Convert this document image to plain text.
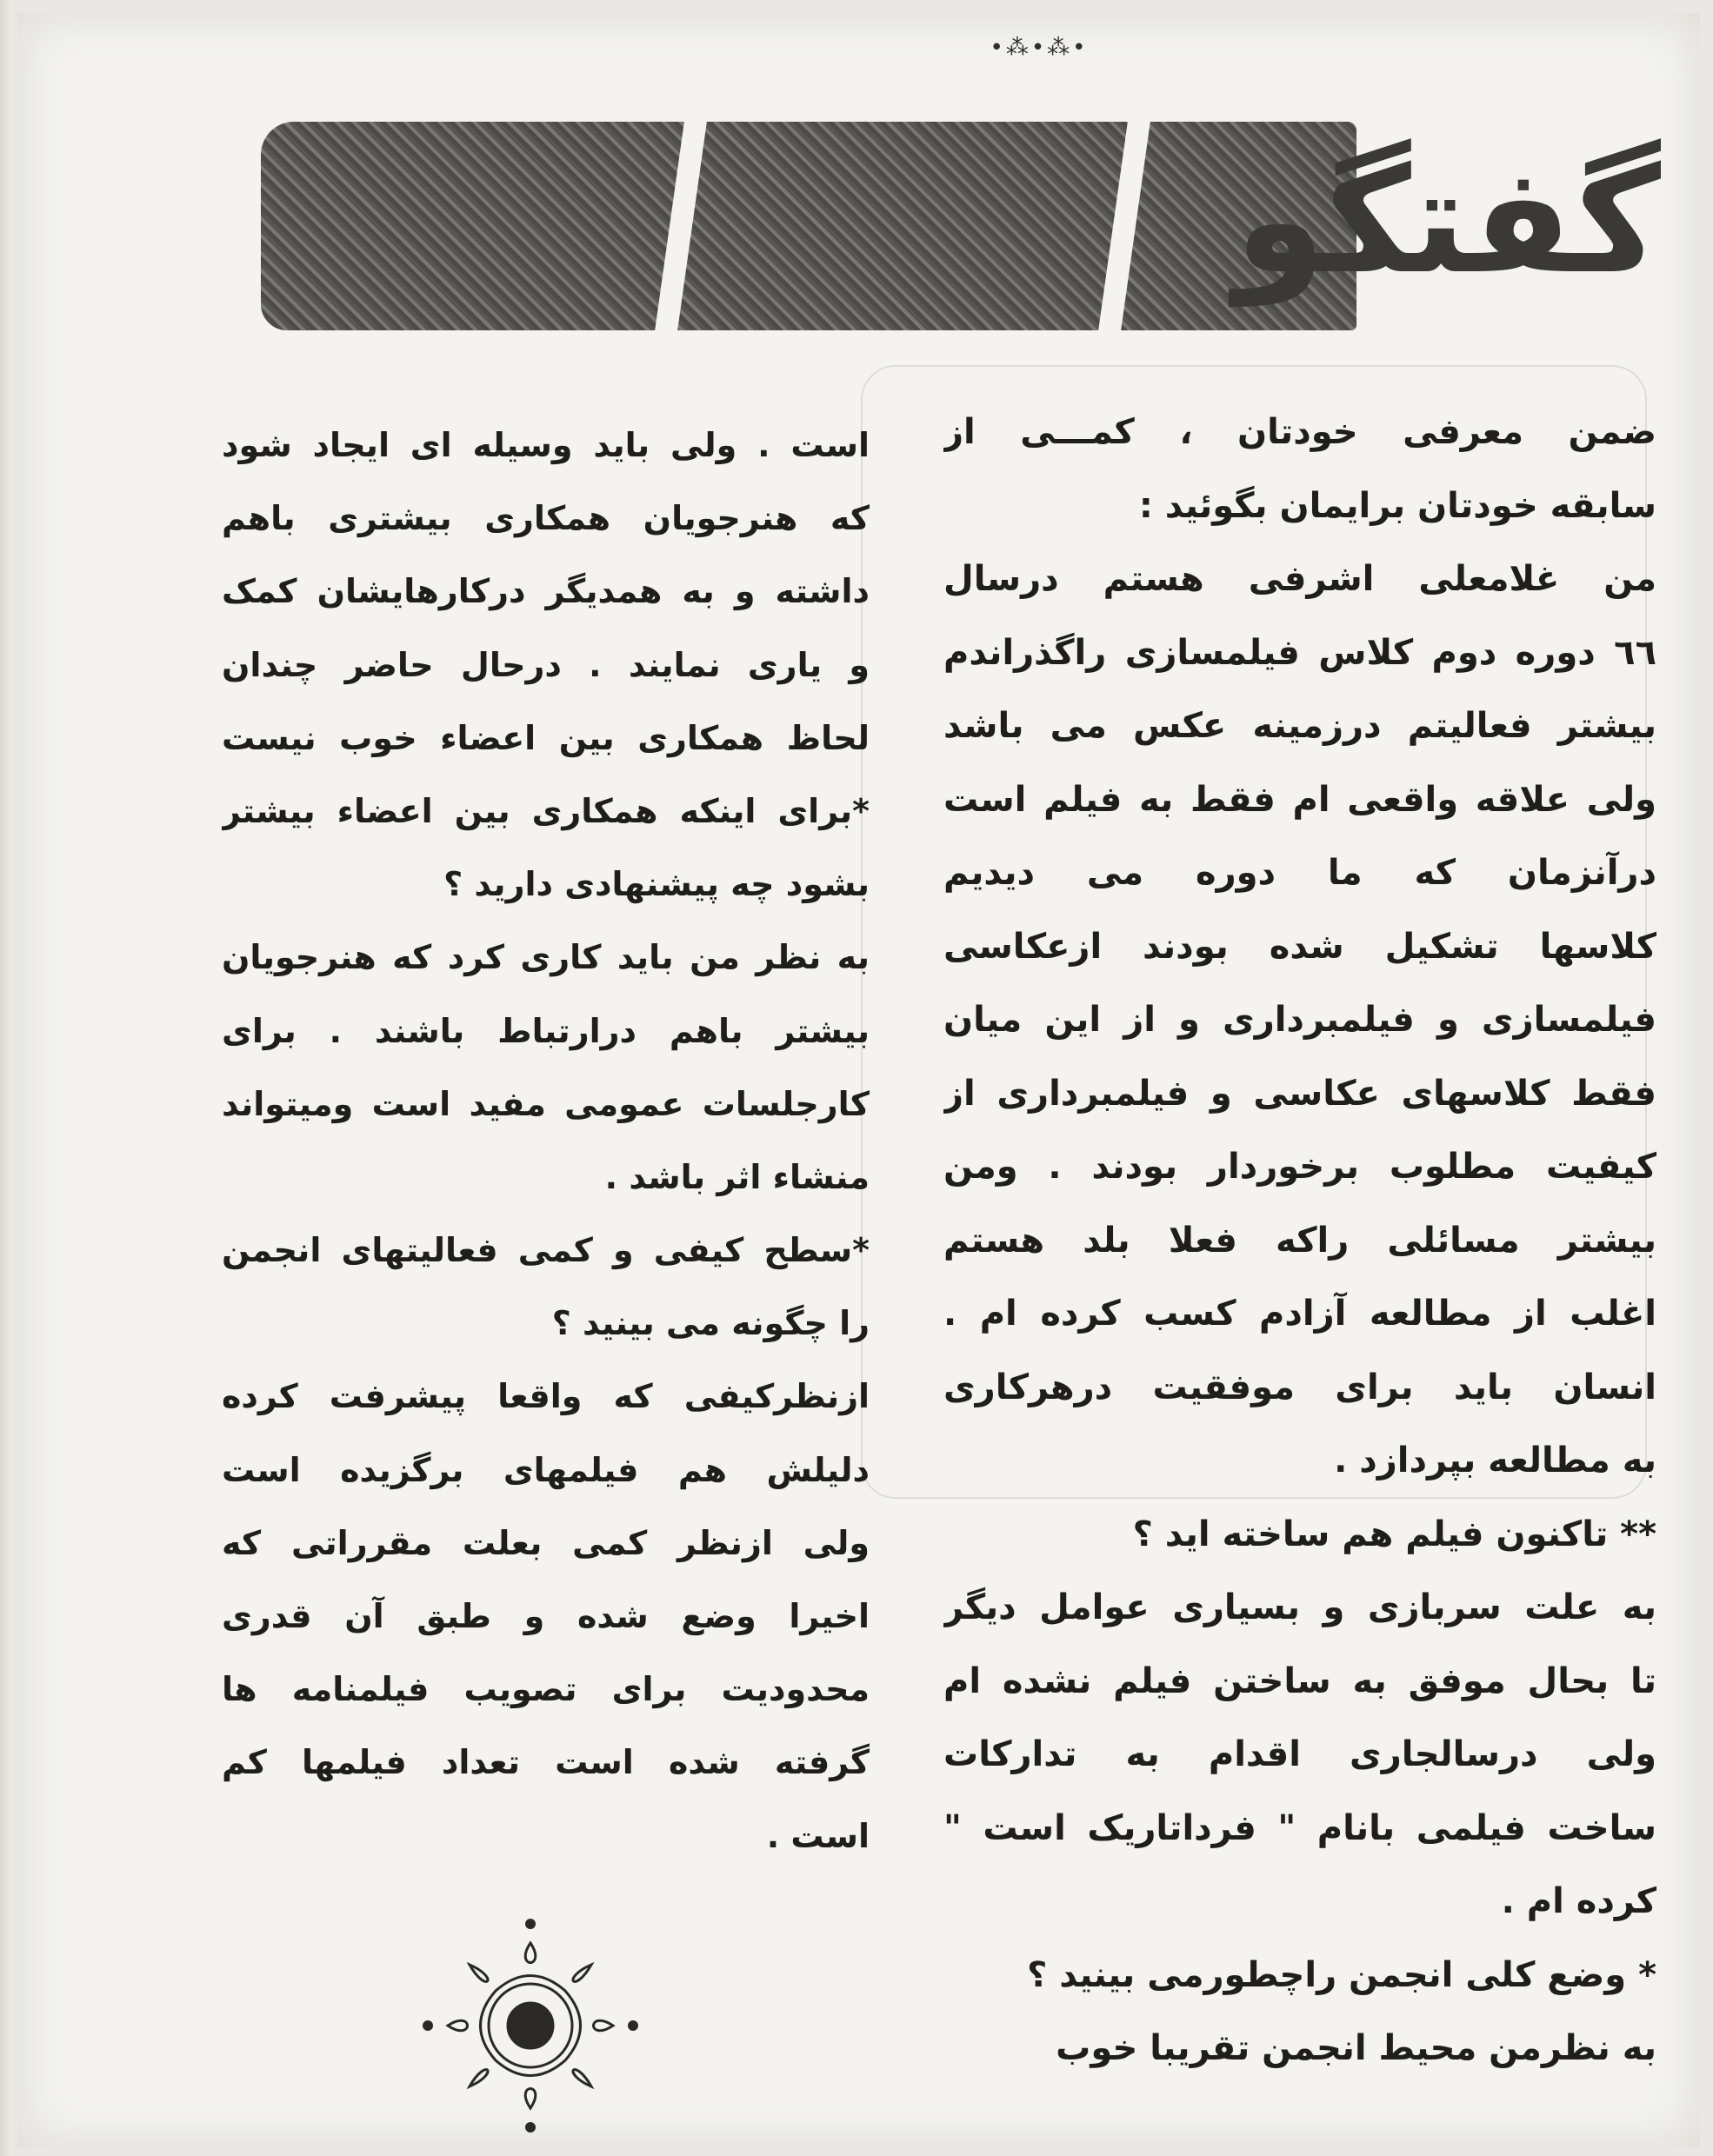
•⁂•⁂•
گفتگو
ضمن معرفی خودتان ، کمـــی از
سابقه خودتان برایمان بگوئید :
من غلامعلی اشرفی هستم درسال
٦٦ دوره دوم کلاس فیلمسازی راگذراندم
بیشتر فعالیتم درزمینه عکس می باشد
ولی علاقه واقعی ام فقط به فیلم است
درآنزمان که ما دوره می دیدیم
کلاسها تشکیل شده بودند ازعکاسی
فیلمسازی و فیلمبرداری و از این میان
فقط کلاسهای عکاسی و فیلمبرداری از
کیفیت مطلوب برخوردار بودند . ومن
بیشتر مسائلی راکه فعلا بلد هستم
اغلب از مطالعه آزادم کسب کرده ام .
انسان باید برای موفقیت درهرکاری
به مطالعه بپردازد .
** تاکنون فیلم هم ساخته اید ؟
به علت سربازی و بسیاری عوامل دیگر
تا بحال موفق به ساختن فیلم نشده ام
ولی درسالجاری اقدام به تدارکات
ساخت فیلمی بانام " فرداتاریک است "
کرده ام .
* وضع کلی انجمن راچطورمی بینید ؟
به نظرمن محیط انجمن تقریبا خوب
است . ولی باید وسیله ای ایجاد شود
که هنرجویان همکاری بیشتری باهم
داشته و به همدیگر درکارهایشان کمک
و یاری نمایند . درحال حاضر چندان
لحاظ همکاری بین اعضاء خوب نیست
*برای اینکه همکاری بین اعضاء بیشتر
بشود چه پیشنهادی دارید ؟
به نظر من باید کاری کرد که هنرجویان
بیشتر باهم درارتباط باشند . برای
کارجلسات عمومی مفید است ومیتواند
منشاء اثر باشد .
*سطح کیفی و کمی فعالیتهای انجمن
را چگونه می بینید ؟
ازنظرکیفی که واقعا پیشرفت کرده
دلیلش هم فیلمهای برگزیده است
ولی ازنظر کمی بعلت مقرراتی که
اخیرا وضع شده و طبق آن قدری
محدودیت برای تصویب فیلمنامه ها
گرفته شده است تعداد فیلمها کم
است .
